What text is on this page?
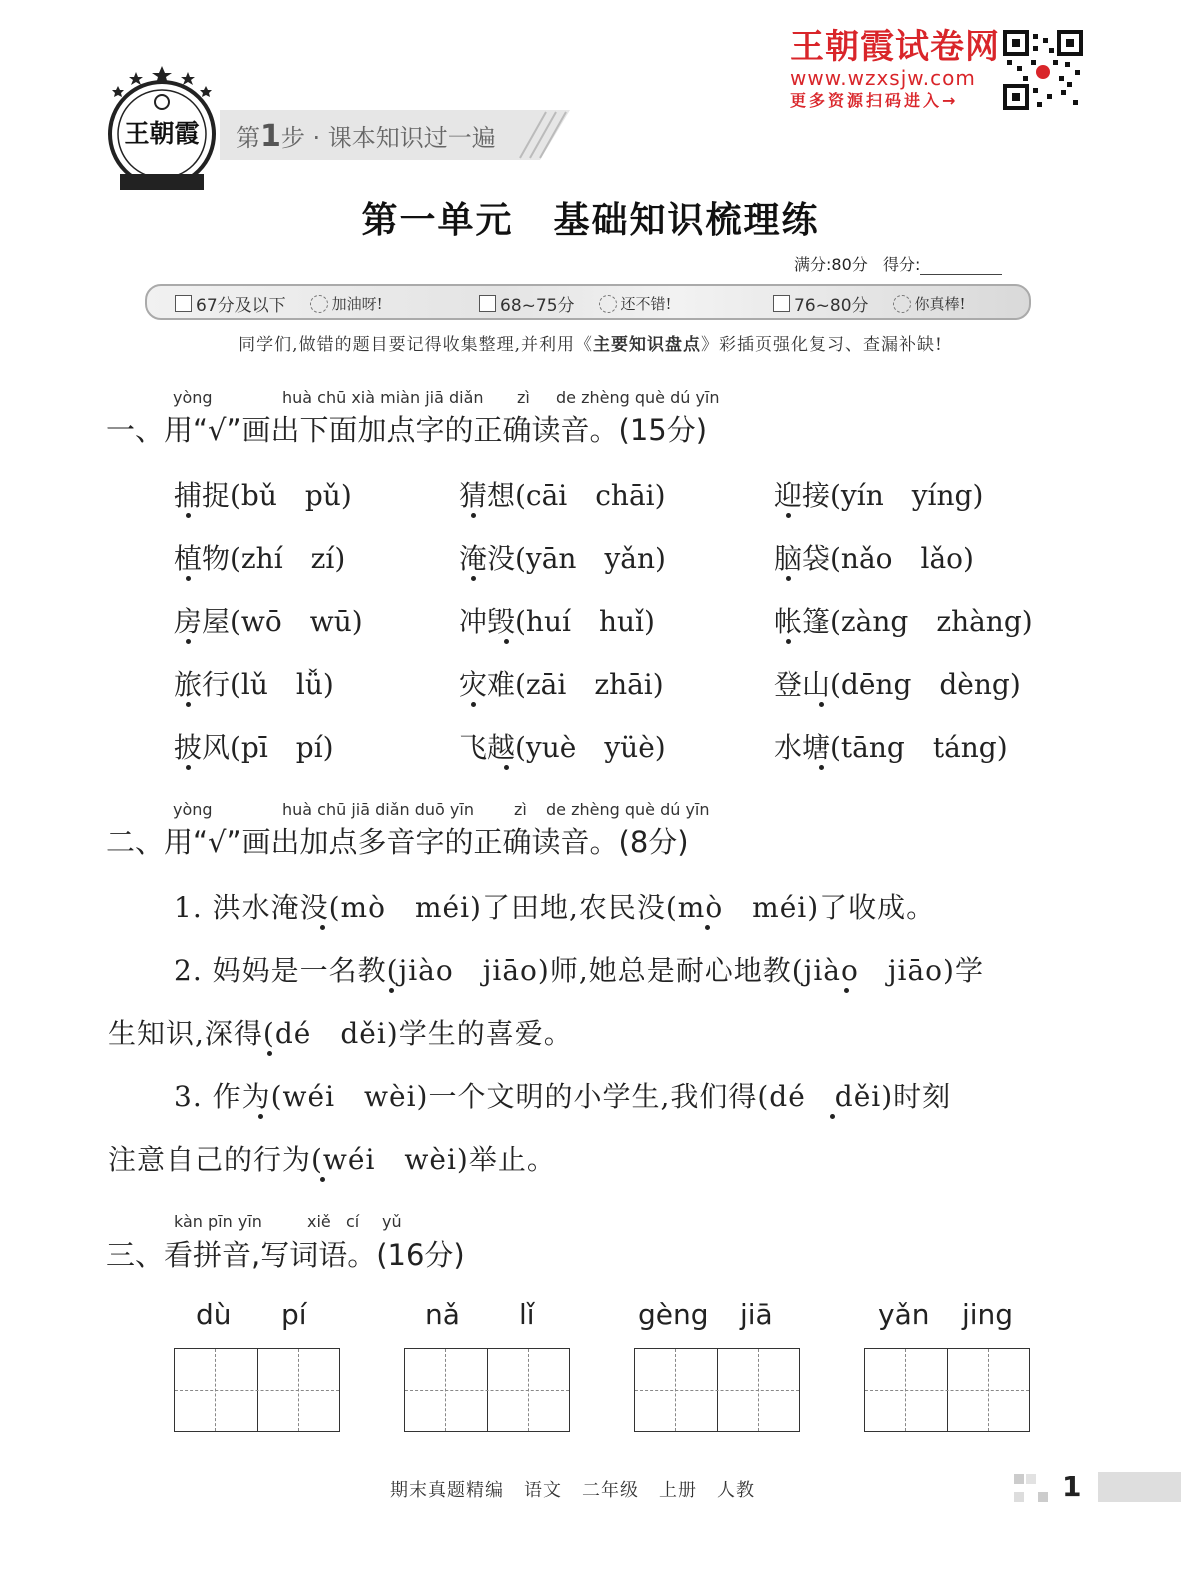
王朝霞试卷网
www.wzxsjw.com
更多资源扫码进入→
王朝霞 第1步 · 课本知识过一遍
第一单元 基础知识梳理练
满分:80分 得分:
67分及以下	加油呀!	68~75分	还不错!	76~80分	你真棒!
同学们,做错的题目要记得收集整理,并利用《主要知识盘点》彩插页强化复习、查漏补缺!
yòng	huà chū xià miàn jiā diǎn zì de zhèng què dú yīn
一、用“√”画出下面加点字的正确读音。(15分)
捕捉(bǔ　pǔ)	猜想(cāi　chāi)	迎接(yín　yíng)
植物(zhí　zí)	淹没(yān　yǎn)	脑袋(nǎo　lǎo)
房屋(wō　wū)	冲毁(huí　huǐ)	帐篷(zàng　zhàng)
旅行(lǔ　lǚ)	灾难(zāi　zhāi)	登山(dēng　dèng)
披风(pī　pí)	飞越(yuè　yüè)	水塘(tāng　táng)
yòng	huà chū jiā diǎn duō yīn	zì de zhèng què dú yīn
二、用“√”画出加点多音字的正确读音。(8分)
1. 洪水淹没(mò　méi)了田地,农民没(mò　méi)了收成。
2. 妈妈是一名教(jiào　jiāo)师,她总是耐心地教(jiào　jiāo)学
生知识,深得(dé　děi)学生的喜爱。
3. 作为(wéi　wèi)一个文明的小学生,我们得(dé　děi)时刻
注意自己的行为(wéi　wèi)举止。
kàn pīn yīn	xiě cí yǔ
三、看拼音,写词语。(16分)
dù pí	nǎ lǐ	gèng jiā	yǎn jing
期末真题精编 语文 二年级 上册 人教	1
